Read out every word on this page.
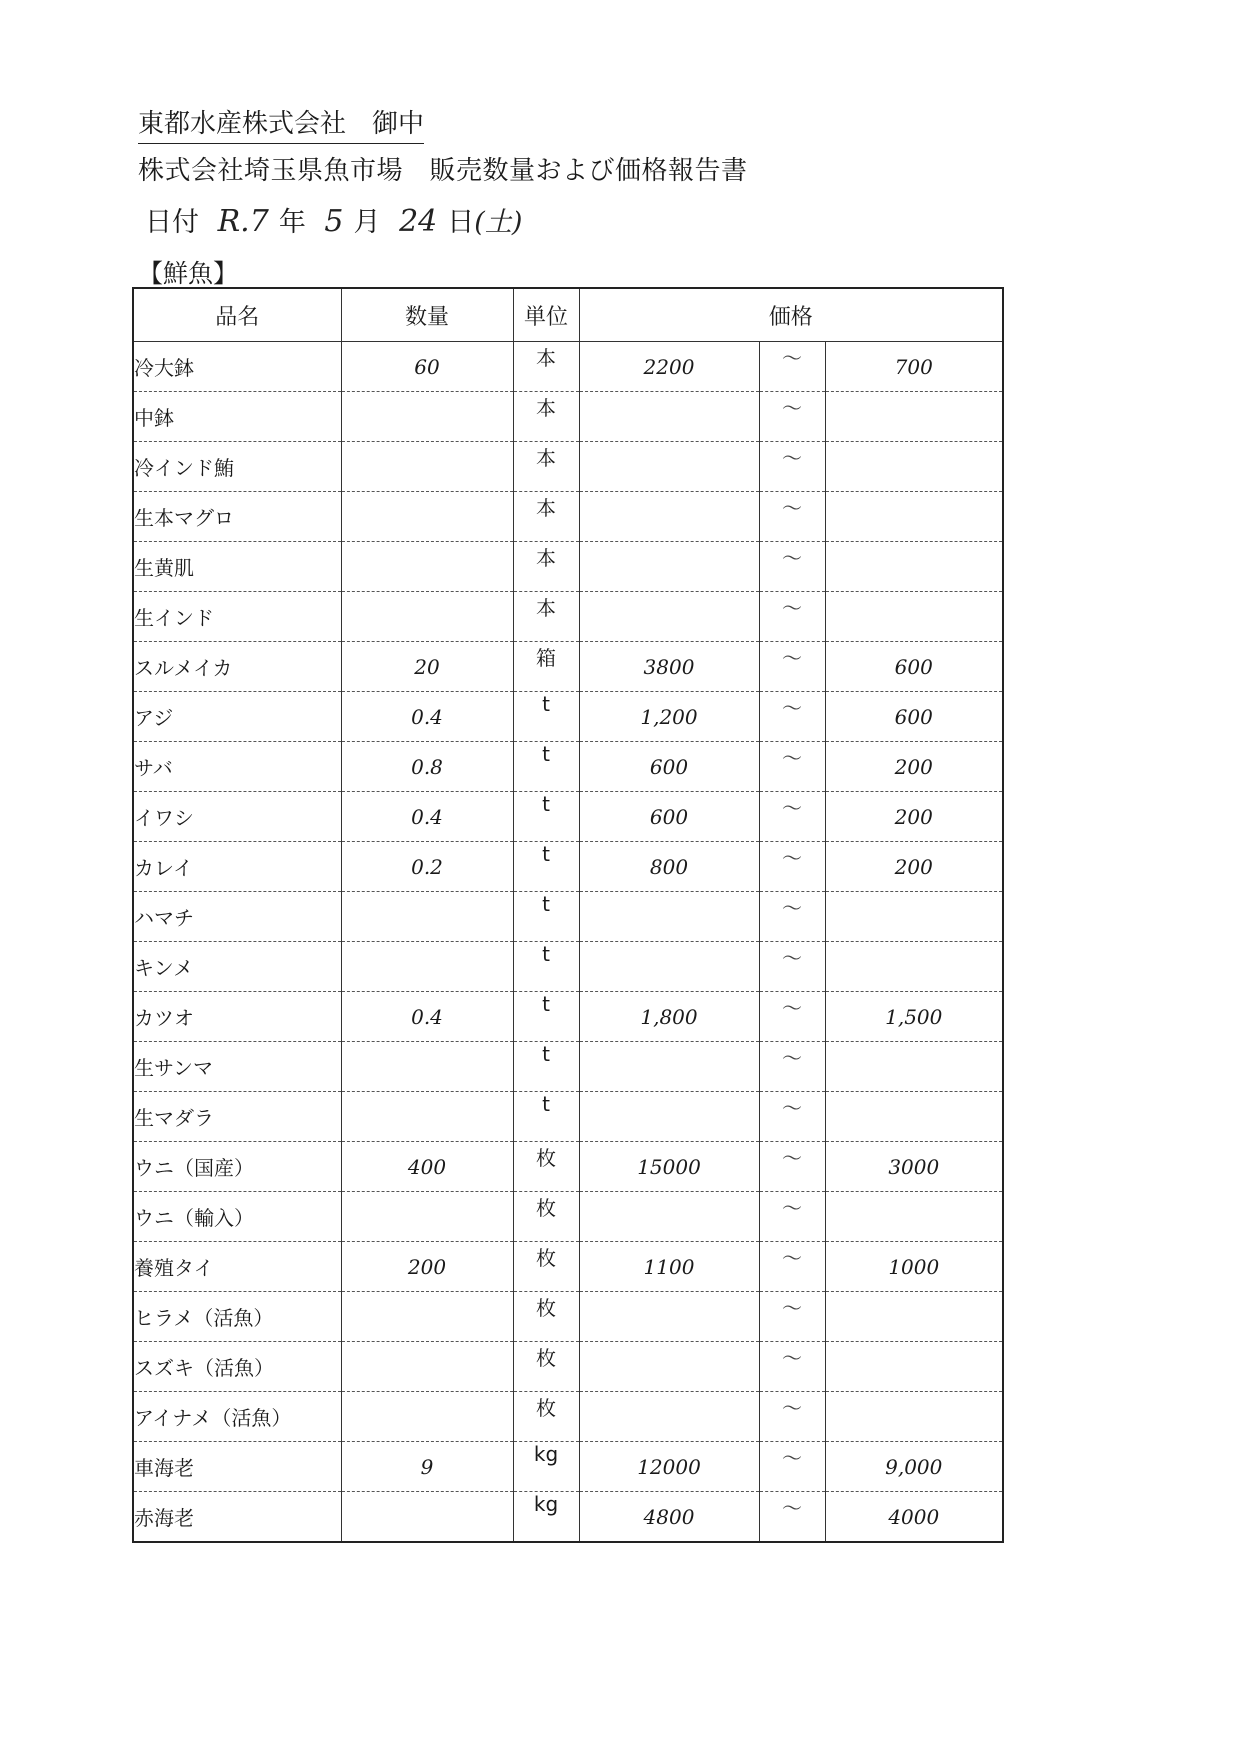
東都水産株式会社　御中
株式会社埼玉県魚市場　販売数量および価格報告書
日付 R.7 年 5 月 24 日(土)
【鮮魚】
品名	数量	単位	価格		
冷大鉢	60	本	2200	～	700
中鉢		本		～	
冷インド鮪		本		～	
生本マグロ		本		～	
生黄肌		本		～	
生インド		本		～	
スルメイカ	20	箱	3800	～	600
アジ	0.4	t	1,200	～	600
サバ	0.8	t	600	～	200
イワシ	0.4	t	600	～	200
カレイ	0.2	t	800	～	200
ハマチ		t		～	
キンメ		t		～	
カツオ	0.4	t	1,800	～	1,500
生サンマ		t		～	
生マダラ		t		～	
ウニ（国産）	400	枚	15000	～	3000
ウニ（輸入）		枚		～	
養殖タイ	200	枚	1100	～	1000
ヒラメ（活魚）		枚		～	
スズキ（活魚）		枚		～	
アイナメ（活魚）		枚		～	
車海老	9	kg	12000	～	9,000
赤海老		kg	4800	～	4000
